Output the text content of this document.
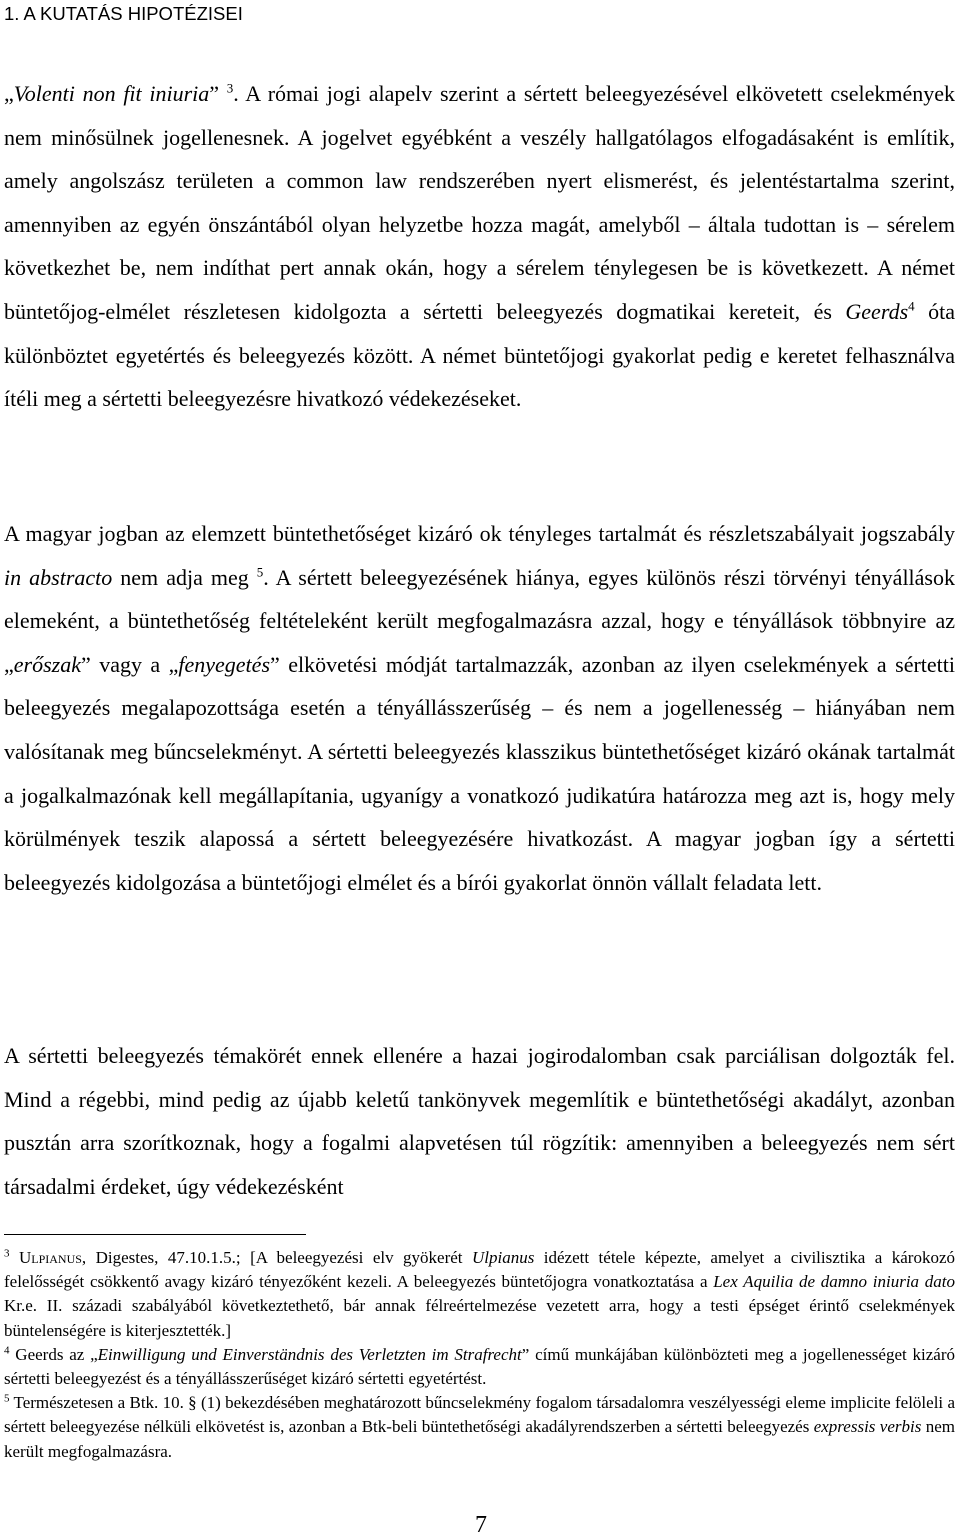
1. A KUTATÁS HIPOTÉZISEI

„Volenti non fit iniuria” $^3$. A római jogi alapelv szerint a sértett beleegyezésével elkövetett cselekmények nem minősülnek jogellenesnek. A jogelvet egyébként a veszély hallgatólagos elfogadásaként is említik, amely angolszász területen a common law rendszerében nyert elismerést, és jelentéstartalma szerint, amennyiben az egyén önszántából olyan helyzetbe hozza magát, amelyből – általa tudottan is – sérelem következhet be, nem indíthat pert annak okán, hogy a sérelem ténylegesen be is következett. A német büntetőjog-elmélet részletesen kidolgozta a sértetti beleegyezés dogmatikai kereteit, és Geerds$^4$ óta különböztet egyetértés és beleegyezés között. A német büntetőjogi gyakorlat pedig e keretet felhasználva ítéli meg a sértetti beleegyezésre hivatkozó védekezéseket.

A magyar jogban az elemzett büntethetőséget kizáró ok tényleges tartalmát és részletszabályait jogszabály in abstracto nem adja meg $^5$. A sértett beleegyezésének hiánya, egyes különös részi törvényi tényállások elemeként, a büntethetőség feltételeként került megfogalmazásra azzal, hogy e tényállások többnyire az „erőszak” vagy a „fenyegetés” elkövetési módját tartalmazzák, azonban az ilyen cselekmények a sértetti beleegyezés megalapozottsága esetén a tényállásszerűség – és nem a jogellenesség – hiányában nem valósítanak meg bűncselekményt. A sértetti beleegyezés klasszikus büntethetőséget kizáró okának tartalmát a jogalkalmazónak kell megállapítania, ugyanígy a vonatkozó judikatúra határozza meg azt is, hogy mely körülmények teszik alapossá a sértett beleegyezésére hivatkozást. A magyar jogban így a sértetti beleegyezés kidolgozása a büntetőjogi elmélet és a bírói gyakorlat önnön vállalt feladata lett.

A sértetti beleegyezés témakörét ennek ellenére a hazai jogirodalomban csak parciálisan dolgozták fel. Mind a régebbi, mind pedig az újabb keletű tankönyvek megemlítik e büntethetőségi akadályt, azonban pusztán arra szorítkoznak, hogy a fogalmi alapvetésen túl rögzítik: amennyiben a beleegyezés nem sért társadalmi érdeket, úgy védekezésként

$^3$ Ulpianus, Digestes, 47.10.1.5.; [A beleegyezési elv gyökerét Ulpianus idézett tétele képezte, amelyet a civilisztika a károkozó felelősségét csökkentő avagy kizáró tényezőként kezeli. A beleegyezés büntetőjogra vonatkoztatása a Lex Aquilia de damno iniuria dato Kr.e. II. századi szabályából következtethető, bár annak félreértelmezése vezetett arra, hogy a testi épséget érintő cselekmények büntelenségére is kiterjesztették.]

$^4$ Geerds az „Einwilligung und Einverständnis des Verletzten im Strafrecht” című munkájában különbözteti meg a jogellenességet kizáró sértetti beleegyezést és a tényállásszerűséget kizáró sértetti egyetértést.

$^5$ Természetesen a Btk. 10. § (1) bekezdésében meghatározott bűncselekmény fogalom társadalomra veszélyességi eleme implicite felöleli a sértett beleegyezése nélküli elkövetést is, azonban a Btk-beli büntethetőségi akadályrendszerben a sértetti beleegyezés expressis verbis nem került megfogalmazásra.

7
